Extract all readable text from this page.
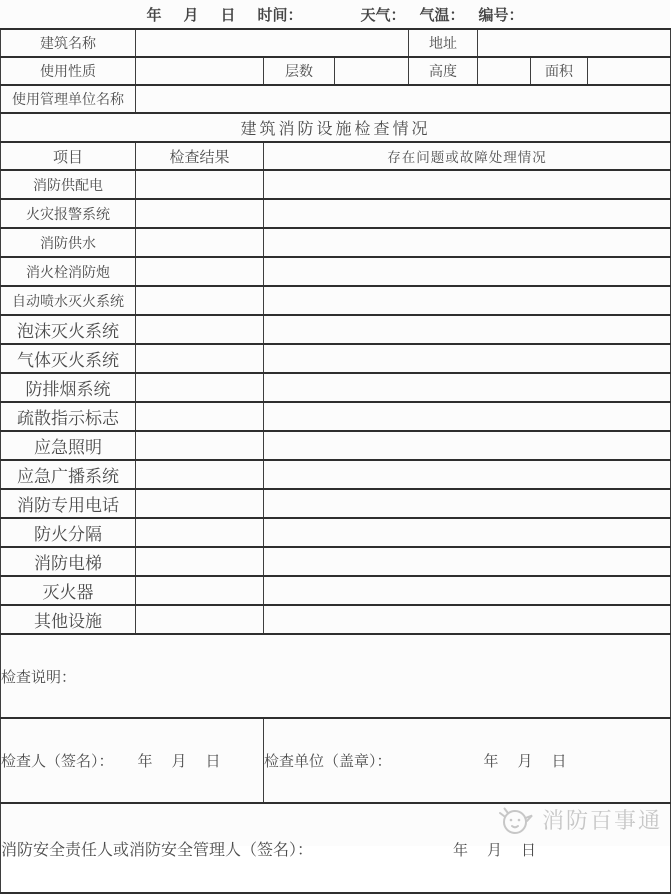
年 月 日 时间：	天气： 气温： 编号：
建筑名称				地址			
使用性质		层数		高度		面积	
使用管理单位名称							
建筑消防设施检查情况							
项目	检查结果	存在问题或故障处理情况					
消防供配电							
火灾报警系统							
消防供水							
消火栓消防炮							
自动喷水灭火系统							
泡沫灭火系统							
气体灭火系统							
防排烟系统							
疏散指示标志							
应急照明							
应急广播系统							
消防专用电话							
防火分隔							
消防电梯							
灭火器							
其他设施							
检查说明：							
检查人（签名）： 年　月　日		检查单位（盖章）： 年　月　日					
消防安全责任人或消防安全管理人（签名）： 年　月　日							
消防百事通
